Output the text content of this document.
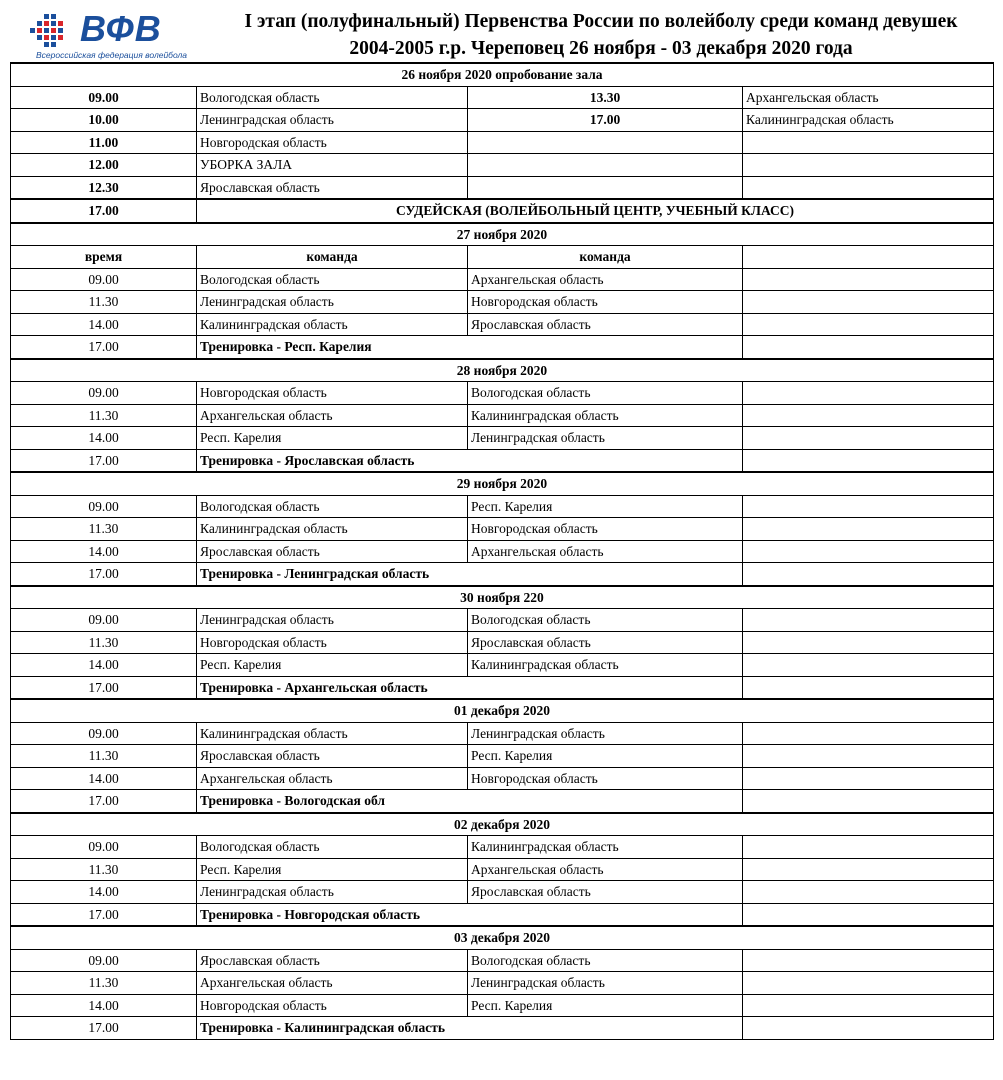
ВФВ
Всероссийская федерация волейбола
I этап (полуфинальный) Первенства России по волейболу среди команд девушек
2004-2005 г.р. Череповец 26 ноября - 03 декабря 2020 года
26 ноября 2020 опробование зала			
09.00	Вологодская область	13.30	Архангельская область
10.00	Ленинградская область	17.00	Калининградская область
11.00	Новгородская область		
12.00	УБОРКА ЗАЛА		
12.30	Ярославская область		
17.00	СУДЕЙСКАЯ (ВОЛЕЙБОЛЬНЫЙ ЦЕНТР, УЧЕБНЫЙ КЛАСС)		
27 ноября 2020			
время	команда	команда	
09.00	Вологодская область	Архангельская область	
11.30	Ленинградская область	Новгородская область	
14.00	Калининградская область	Ярославская область	
17.00	Тренировка - Респ. Карелия		
28 ноября 2020			
09.00	Новгородская область	Вологодская область	
11.30	Архангельская область	Калининградская область	
14.00	Респ. Карелия	Ленинградская область	
17.00	Тренировка - Ярославская область		
29 ноября 2020			
09.00	Вологодская область	Респ. Карелия	
11.30	Калининградская область	Новгородская область	
14.00	Ярославская область	Архангельская область	
17.00	Тренировка - Ленинградская область		
30 ноября 220			
09.00	Ленинградская область	Вологодская область	
11.30	Новгородская область	Ярославская область	
14.00	Респ. Карелия	Калининградская область	
17.00	Тренировка - Архангельская область		
01 декабря 2020			
09.00	Калининградская область	Ленинградская область	
11.30	Ярославская область	Респ. Карелия	
14.00	Архангельская область	Новгородская область	
17.00	Тренировка - Вологодская обл		
02 декабря 2020			
09.00	Вологодская область	Калининградская область	
11.30	Респ. Карелия	Архангельская область	
14.00	Ленинградская область	Ярославская область	
17.00	Тренировка - Новгородская область		
03 декабря 2020			
09.00	Ярославская область	Вологодская область	
11.30	Архангельская область	Ленинградская область	
14.00	Новгородская область	Респ. Карелия	
17.00	Тренировка - Калининградская область		
